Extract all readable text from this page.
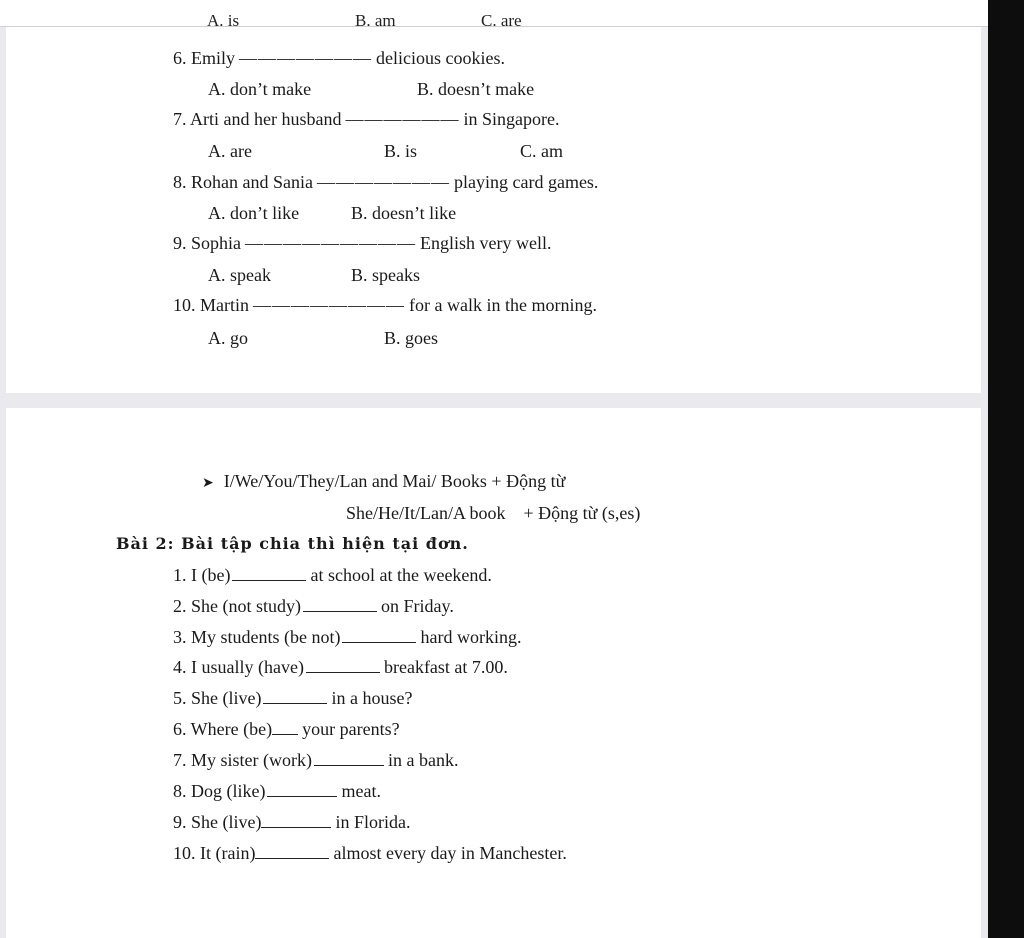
A. is	B. am	C. are
6. Emily ——————— delicious cookies.
A. don’t make	B. doesn’t make
7. Arti and her husband —————— in Singapore.
A. are	B. is	C. am
8. Rohan and Sania ——————— playing card games.
A. don’t like	B. doesn’t like
9. Sophia ————————— English very well.
A. speak	B. speaks
10. Martin ———————— for a walk in the morning.
A. go	B. goes
➤ I/We/You/They/Lan and Mai/ Books + Động từ
She/He/It/Lan/A book + Động từ (s,es)
Bài 2: Bài tập chia thì hiện tại đơn.
1. I (be)	at school at the weekend.
2. She (not study)	on Friday.
3. My students (be not)	hard working.
4. I usually (have)	breakfast at 7.00.
5. She (live)	in a house?
6. Where (be) your parents?
7. My sister (work)	in a bank.
8. Dog (like)	meat.
9. She (live)	in Florida.
10. It (rain)	almost every day in Manchester.
